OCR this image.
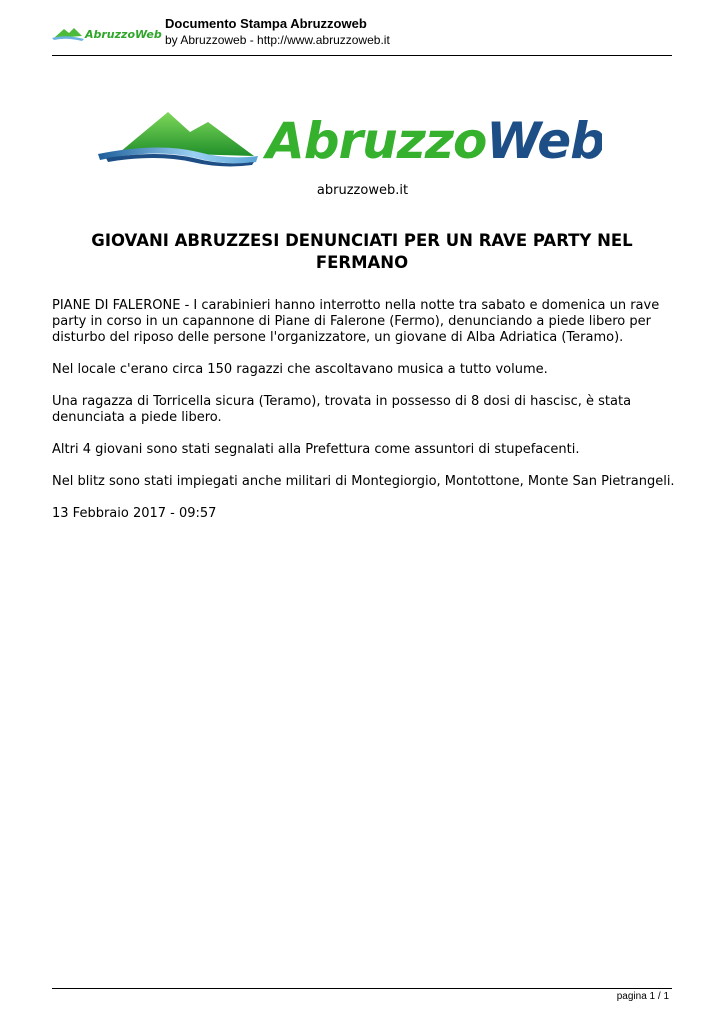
AbruzzoWeb
Documento Stampa Abruzzoweb
by Abruzzoweb - http://www.abruzzoweb.it
AbruzzoWeb
abruzzoweb.it
GIOVANI ABRUZZESI DENUNCIATI PER UN RAVE PARTY NEL
FERMANO

PIANE DI FALERONE - I carabinieri hanno interrotto nella notte tra sabato e domenica un rave party in corso in un capannone di Piane di Falerone (Fermo), denunciando a piede libero per disturbo del riposo delle persone l'organizzatore, un giovane di Alba Adriatica (Teramo).

Nel locale c'erano circa 150 ragazzi che ascoltavano musica a tutto volume.

Una ragazza di Torricella sicura (Teramo), trovata in possesso di 8 dosi di hascisc, è stata denunciata a piede libero.

Altri 4 giovani sono stati segnalati alla Prefettura come assuntori di stupefacenti.

Nel blitz sono stati impiegati anche militari di Montegiorgio, Montottone, Monte San Pietrangeli.

13 Febbraio 2017 - 09:57

pagina 1 / 1
